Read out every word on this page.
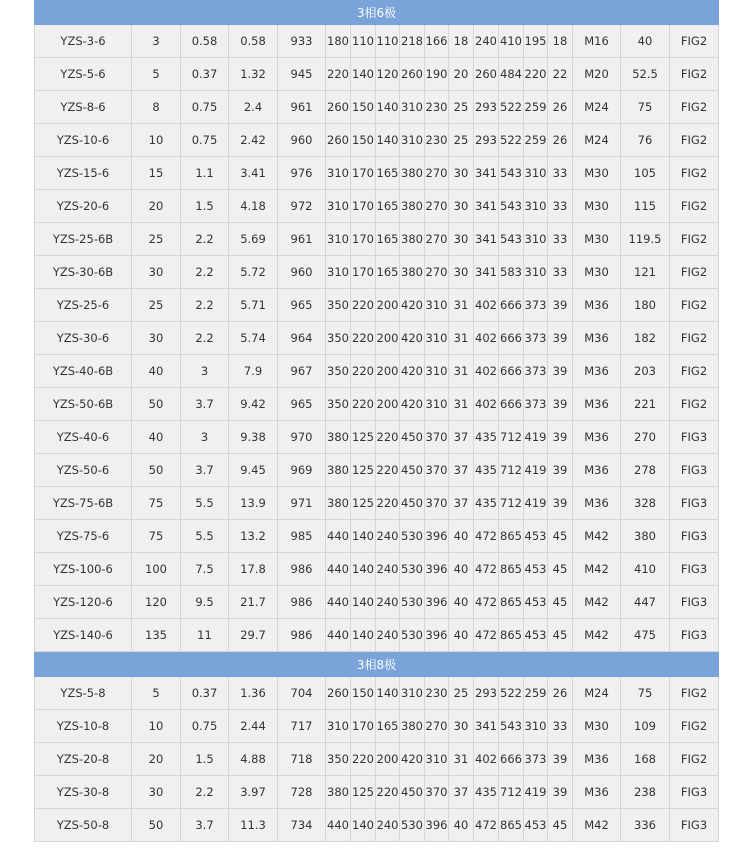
3相6极																	
YZS-3-6	3	0.58	0.58	933	180	110	110	218	166	18	240	410	195	18	M16	40	FIG2
YZS-5-6	5	0.37	1.32	945	220	140	120	260	190	20	260	484	220	22	M20	52.5	FIG2
YZS-8-6	8	0.75	2.4	961	260	150	140	310	230	25	293	522	259	26	M24	75	FIG2
YZS-10-6	10	0.75	2.42	960	260	150	140	310	230	25	293	522	259	26	M24	76	FIG2
YZS-15-6	15	1.1	3.41	976	310	170	165	380	270	30	341	543	310	33	M30	105	FIG2
YZS-20-6	20	1.5	4.18	972	310	170	165	380	270	30	341	543	310	33	M30	115	FIG2
YZS-25-6B	25	2.2	5.69	961	310	170	165	380	270	30	341	543	310	33	M30	119.5	FIG2
YZS-30-6B	30	2.2	5.72	960	310	170	165	380	270	30	341	583	310	33	M30	121	FIG2
YZS-25-6	25	2.2	5.71	965	350	220	200	420	310	31	402	666	373	39	M36	180	FIG2
YZS-30-6	30	2.2	5.74	964	350	220	200	420	310	31	402	666	373	39	M36	182	FIG2
YZS-40-6B	40	3	7.9	967	350	220	200	420	310	31	402	666	373	39	M36	203	FIG2
YZS-50-6B	50	3.7	9.42	965	350	220	200	420	310	31	402	666	373	39	M36	221	FIG2
YZS-40-6	40	3	9.38	970	380	125	220	450	370	37	435	712	419	39	M36	270	FIG3
YZS-50-6	50	3.7	9.45	969	380	125	220	450	370	37	435	712	419	39	M36	278	FIG3
YZS-75-6B	75	5.5	13.9	971	380	125	220	450	370	37	435	712	419	39	M36	328	FIG3
YZS-75-6	75	5.5	13.2	985	440	140	240	530	396	40	472	865	453	45	M42	380	FIG3
YZS-100-6	100	7.5	17.8	986	440	140	240	530	396	40	472	865	453	45	M42	410	FIG3
YZS-120-6	120	9.5	21.7	986	440	140	240	530	396	40	472	865	453	45	M42	447	FIG3
YZS-140-6	135	11	29.7	986	440	140	240	530	396	40	472	865	453	45	M42	475	FIG3
3相8极																	
YZS-5-8	5	0.37	1.36	704	260	150	140	310	230	25	293	522	259	26	M24	75	FIG2
YZS-10-8	10	0.75	2.44	717	310	170	165	380	270	30	341	543	310	33	M30	109	FIG2
YZS-20-8	20	1.5	4.88	718	350	220	200	420	310	31	402	666	373	39	M36	168	FIG2
YZS-30-8	30	2.2	3.97	728	380	125	220	450	370	37	435	712	419	39	M36	238	FIG3
YZS-50-8	50	3.7	11.3	734	440	140	240	530	396	40	472	865	453	45	M42	336	FIG3
